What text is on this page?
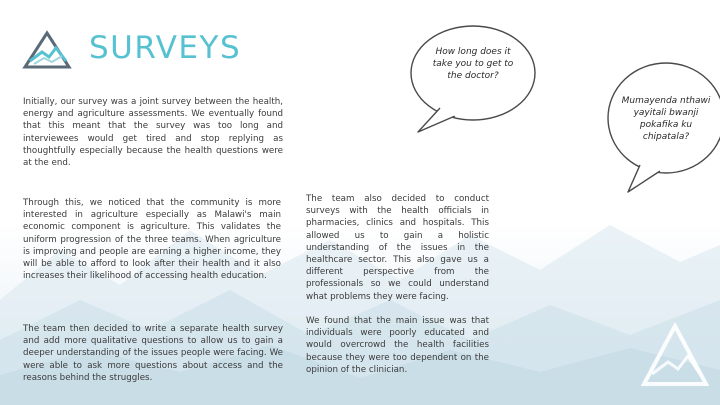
SURVEYS

Initially, our survey was a joint survey between the health, energy and agriculture assessments. We eventually found that this meant that the survey was too long and interviewees would get tired and stop replying as thoughtfully especially because the health questions were at the end.

Through this, we noticed that the community is more interested in agriculture especially as Malawi's main economic component is agriculture. This validates the uniform progression of the three teams. When agriculture is improving and people are earning a higher income, they will be able to afford to look after their health and it also increases their likelihood of accessing health education.

The team then decided to write a separate health survey and add more qualitative questions to allow us to gain a deeper understanding of the issues people were facing. We were able to ask more questions about access and the reasons behind the struggles.

The team also decided to conduct surveys with the health officials in pharmacies, clinics and hospitals. This allowed us to gain a holistic understanding of the issues in the healthcare sector. This also gave us a different perspective from the professionals so we could understand what problems they were facing.

We found that the main issue was that individuals were poorly educated and would overcrowd the health facilities because they were too dependent on the opinion of the clinician.

How long does it take you to get to the doctor?
Mumayenda nthawi yayitali bwanji pokafika ku chipatala?
